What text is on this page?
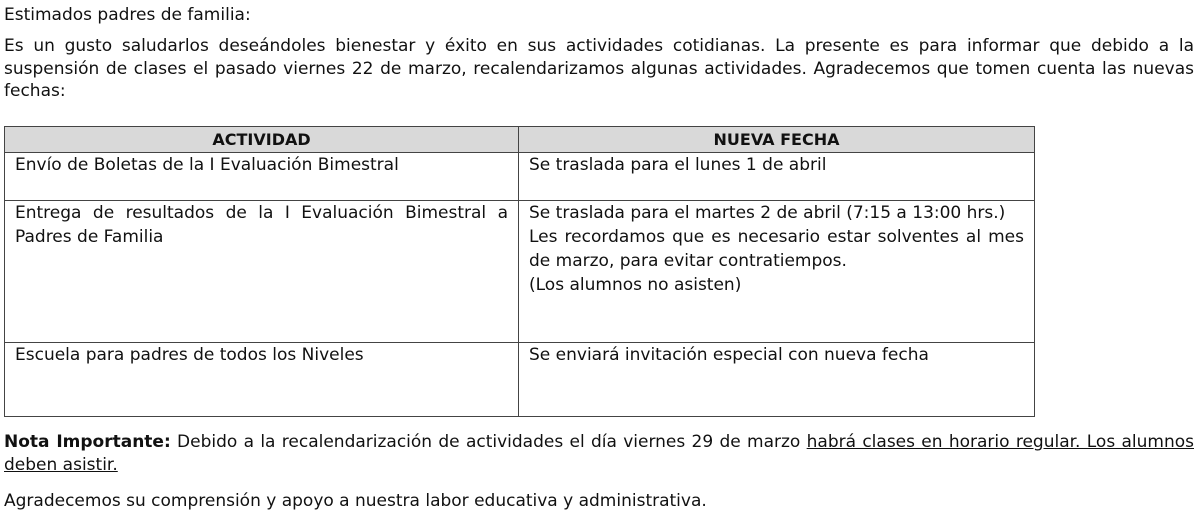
Estimados padres de familia:
Es un gusto saludarlos deseándoles bienestar y éxito en sus actividades cotidianas. La presente es para informar que debido a la suspensión de clases el pasado viernes 22 de marzo, recalendarizamos algunas actividades. Agradecemos que tomen cuenta las nuevas fechas:
ACTIVIDAD	NUEVA FECHA
Envío de Boletas de la I Evaluación Bimestral	Se traslada para el lunes 1 de abril

Entrega de resultados de la I Evaluación Bimestral a Padres de Familia	Se traslada para el martes 2 de abril (7:15 a 13:00 hrs.)
Les recordamos que es necesario estar solventes al mes de marzo, para evitar contratiempos.
(Los alumnos no asisten)

Escuela para padres de todos los Niveles	Se enviará invitación especial con nueva fecha
Nota Importante: Debido a la recalendarización de actividades el día viernes 29 de marzo habrá clases en horario regular. Los alumnos deben asistir.
Agradecemos su comprensión y apoyo a nuestra labor educativa y administrativa.
